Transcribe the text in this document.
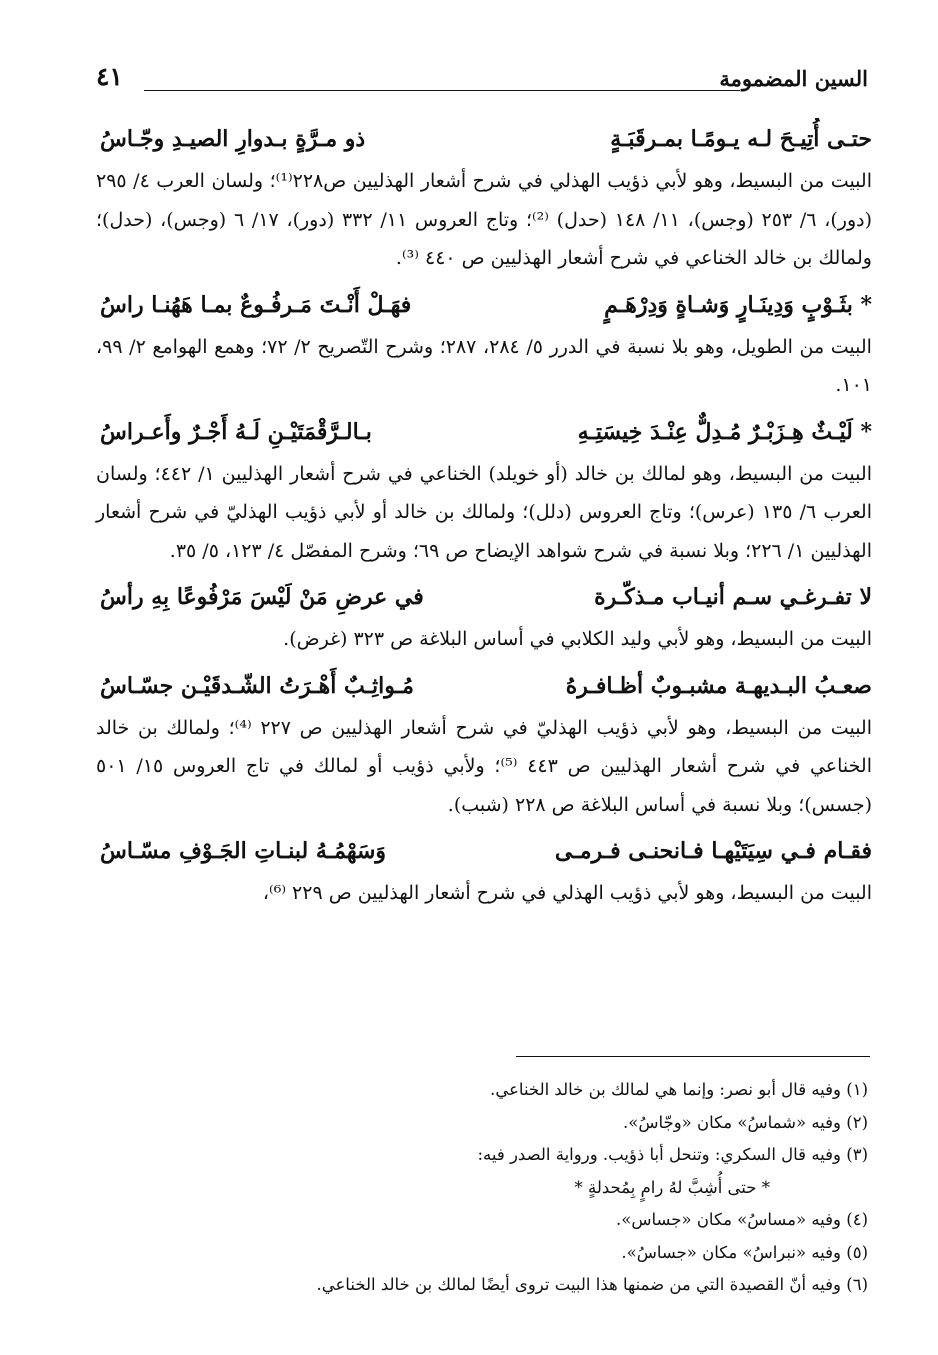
السين المضمومة
٤١
حتـى أُتِيـحَ لـه يـومًـا بمـرقَبَـةٍ
ذو مـرَّةٍ بـدوارِ الصيـدِ وجّـاسُ

البيت من البسيط، وهو لأبي ذؤيب الهذلي في شرح أشعار الهذليين ص٢٢٨⁽¹⁾؛ ولسان العرب ٤/ ٢٩٥ (دور)، ٦/ ٢٥٣ (وجس)، ١١/ ١٤٨ (حدل) ⁽²⁾؛ وتاج العروس ١١/ ٣٣٢ (دور)، ١٧/ ٦ (وجس)، (حدل)؛ ولمالك بن خالد الخناعي في شرح أشعار الهذليين ص ٤٤٠ ⁽³⁾.

* بثَـوْبٍ وَدِينَـارٍ وَشـاةٍ وَدِرْهَـمٍ
فهَـلْ أَنْـتَ مَـرفُـوعٌ بمـا هَهُنـا راسُ

البيت من الطويل، وهو بلا نسبة في الدرر ٥/ ٢٨٤، ٢٨٧؛ وشرح التّصريح ٢/ ٧٢؛ وهمع الهوامع ٢/ ٩٩، ١٠١.

* لَيْـثٌ هِـزَبْـرٌ مُـدِلٌّ عِنْـدَ خِيسَتِـهِ
بـالـرَّقْمَتَيْـنِ لَـهُ أَجْـرٌ وأَعـراسُ

البيت من البسيط، وهو لمالك بن خالد (أو خويلد) الخناعي في شرح أشعار الهذليين ١/ ٤٤٢؛ ولسان العرب ٦/ ١٣٥ (عرس)؛ وتاج العروس (دلل)؛ ولمالك بن خالد أو لأبي ذؤيب الهذليّ في شرح أشعار الهذليين ١/ ٢٢٦؛ وبلا نسبة في شرح شواهد الإيضاح ص ٦٩؛ وشرح المفصّل ٤/ ١٢٣، ٥/ ٣٥.

لا تفـرغـي سـم أنيـاب مـذكّـرة
في عرضِ مَنْ لَيْسَ مَرْفُوعًا بِهِ رأسُ

البيت من البسيط، وهو لأبي وليد الكلابي في أساس البلاغة ص ٣٢٣ (غرض).

صعـبُ البـديهـة مشبـوبٌ أظـافـرهُ
مُـواثِـبٌ أَهْـرَتُ الشّـدقَيْـن جسّـاسُ

البيت من البسيط، وهو لأبي ذؤيب الهذليّ في شرح أشعار الهذليين ص ٢٢٧ ⁽⁴⁾؛ ولمالك بن خالد الخناعي في شرح أشعار الهذليين ص ٤٤٣ ⁽⁵⁾؛ ولأبي ذؤيب أو لمالك في تاج العروس ١٥/ ٥٠١ (جسس)؛ وبلا نسبة في أساس البلاغة ص ٢٢٨ (شبب).

فقـام فـي سِيَتَيْهـا فـانحنـى فـرمـى
وَسَهْمُـهُ لبنـاتِ الجَـوْفِ مسّـاسُ

البيت من البسيط، وهو لأبي ذؤيب الهذلي في شرح أشعار الهذليين ص ٢٢٩ ⁽⁶⁾،

(١) وفيه قال أبو نصر: وإنما هي لمالك بن خالد الخناعي.
(٢) وفيه «شماسُ» مكان «وجّاسُ».
(٣) وفيه قال السكري: وتنحل أبا ذؤيب. ورواية الصدر فيه:
* حتى أُشِبَّ لهُ رامٍ بِمُحدلةٍ *
(٤) وفيه «مساسُ» مكان «جساس».
(٥) وفيه «نبراسُ» مكان «جساسُ».
(٦) وفيه أنّ القصيدة التي من ضمنها هذا البيت تروى أيضًا لمالك بن خالد الخناعي.
